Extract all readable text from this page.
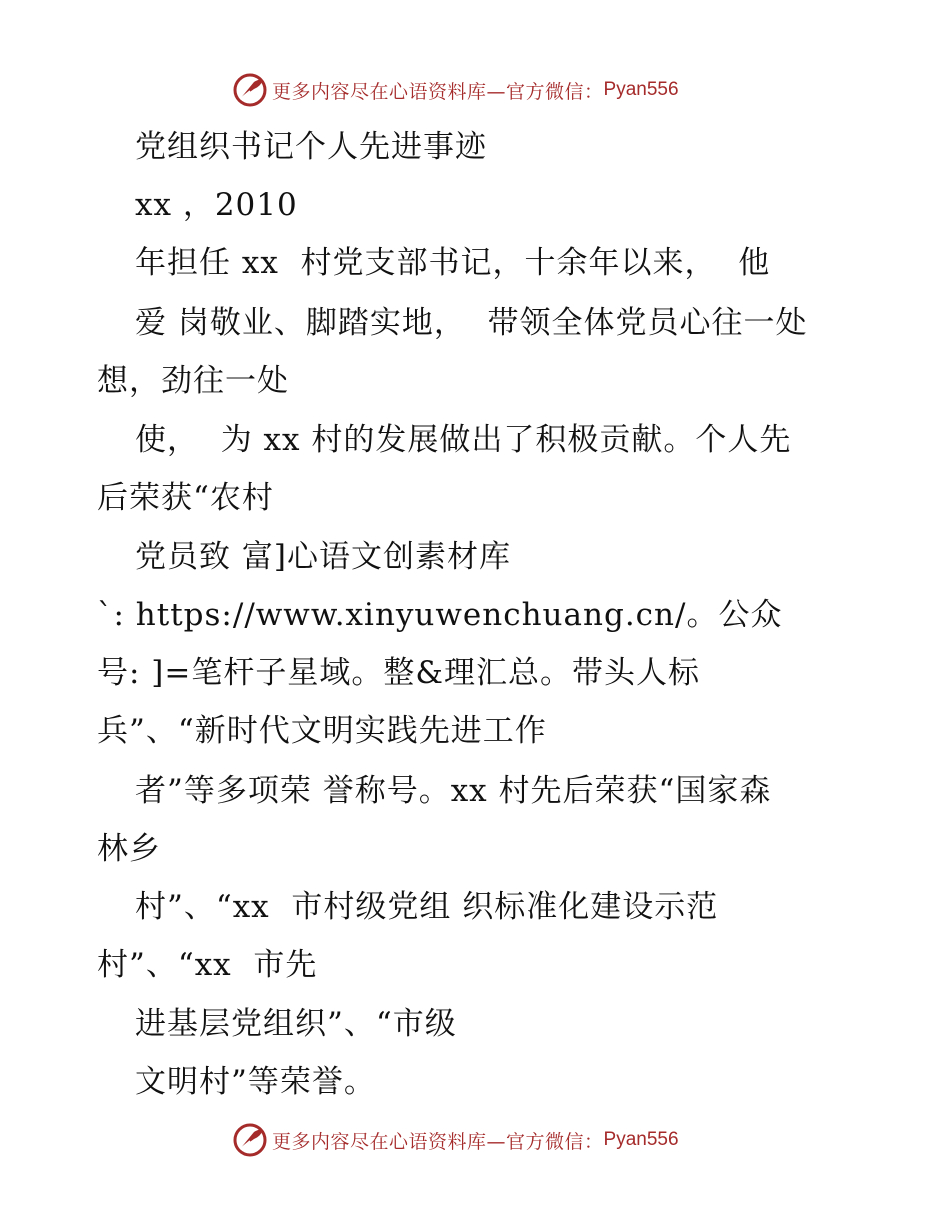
更多内容尽在心语资料库—官方微信： Pyan556
党组织书记个人先进事迹
xx ，2010
年担任 xx  村党支部书记，十余年以来，  他
爱 岗敬业、脚踏实地，  带领全体党员心往一处
想，劲往一处
使，  为 xx 村的发展做出了积极贡献。个人先
后荣获“农村
党员致 富]心语文创素材库
`: https://www.xinyuwenchuang.cn/。公众
号: ]=笔杆子星域。整&理汇总。带头人标
兵”、“新时代文明实践先进工作
者”等多项荣 誉称号。xx 村先后荣获“国家森
林乡
村”、“xx  市村级党组 织标准化建设示范
村”、“xx  市先
进基层党组织”、“市级
文明村”等荣誉。
更多内容尽在心语资料库—官方微信： Pyan556
